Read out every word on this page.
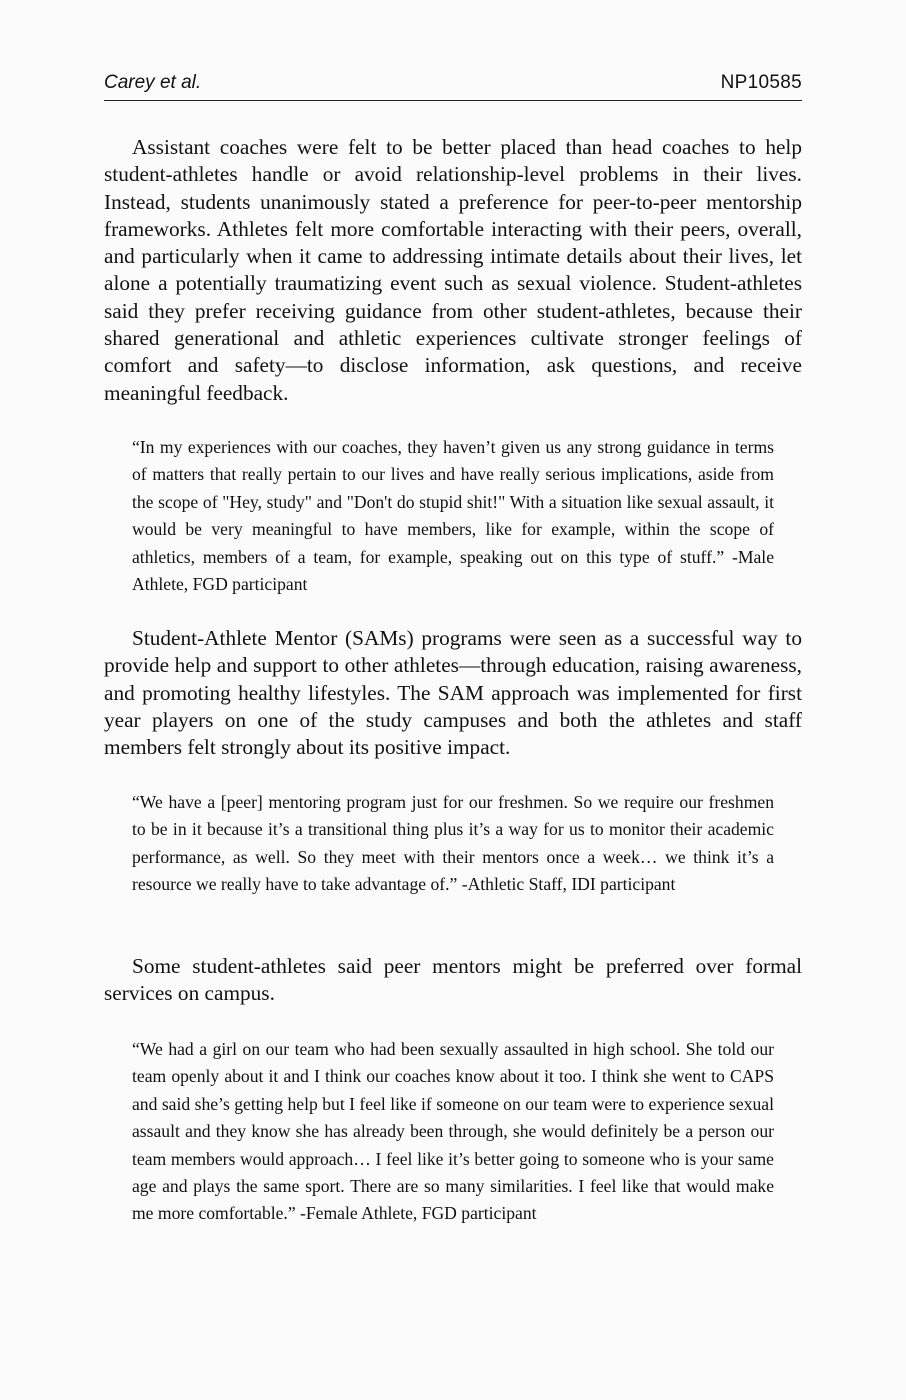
Carey et al.	NP10585

Assistant coaches were felt to be better placed than head coaches to help student-athletes handle or avoid relationship-level problems in their lives. Instead, students unanimously stated a preference for peer-to-peer mentorship frameworks. Athletes felt more comfortable interacting with their peers, overall, and particularly when it came to addressing intimate details about their lives, let alone a potentially traumatizing event such as sexual violence. Student-athletes said they prefer receiving guidance from other student-athletes, because their shared generational and athletic experiences cultivate stronger feelings of comfort and safety—to disclose information, ask questions, and receive meaningful feedback.

“In my experiences with our coaches, they haven’t given us any strong guidance in terms of matters that really pertain to our lives and have really serious implications, aside from the scope of "Hey, study" and "Don't do stupid shit!" With a situation like sexual assault, it would be very meaningful to have members, like for example, within the scope of athletics, members of a team, for example, speaking out on this type of stuff.” -Male Athlete, FGD participant

Student-Athlete Mentor (SAMs) programs were seen as a successful way to provide help and support to other athletes—through education, raising awareness, and promoting healthy lifestyles. The SAM approach was implemented for first year players on one of the study campuses and both the athletes and staff members felt strongly about its positive impact.

“We have a [peer] mentoring program just for our freshmen. So we require our freshmen to be in it because it’s a transitional thing plus it’s a way for us to monitor their academic performance, as well. So they meet with their mentors once a week… we think it’s a resource we really have to take advantage of.” -Athletic Staff, IDI participant

Some student-athletes said peer mentors might be preferred over formal services on campus.

“We had a girl on our team who had been sexually assaulted in high school. She told our team openly about it and I think our coaches know about it too. I think she went to CAPS and said she’s getting help but I feel like if someone on our team were to experience sexual assault and they know she has already been through, she would definitely be a person our team members would approach… I feel like it’s better going to someone who is your same age and plays the same sport. There are so many similarities. I feel like that would make me more comfortable.” -Female Athlete, FGD participant
